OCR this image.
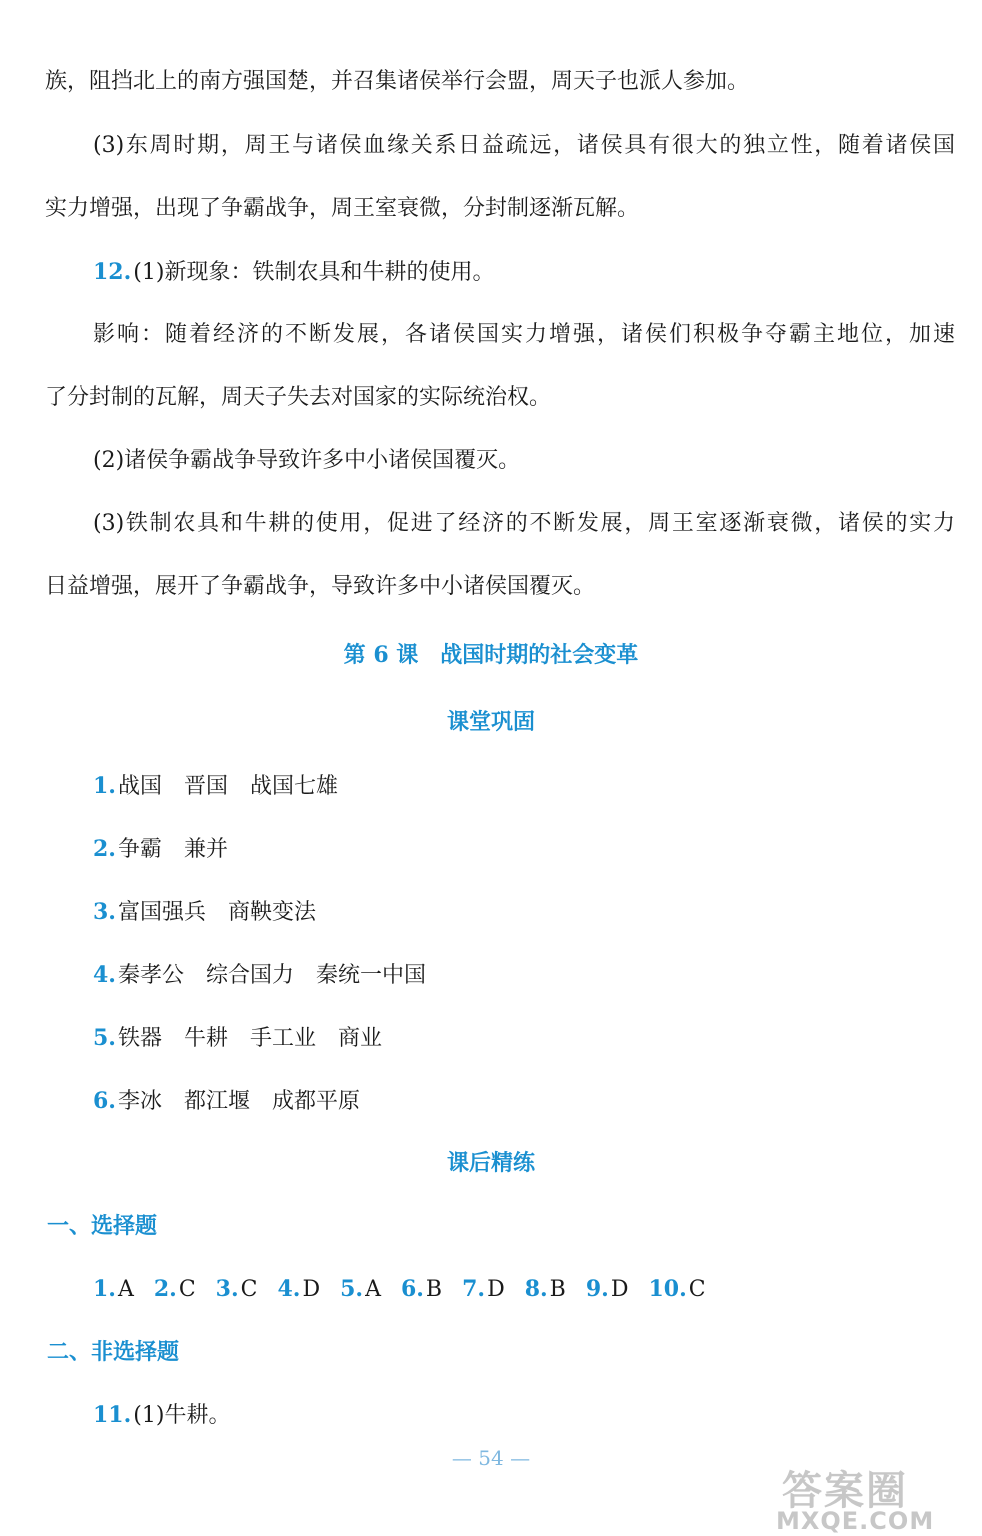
族，阻挡北上的南方强国楚，并召集诸侯举行会盟，周天子也派人参加。
(3)东周时期，周王与诸侯血缘关系日益疏远，诸侯具有很大的独立性，随着诸侯国
实力增强，出现了争霸战争，周王室衰微，分封制逐渐瓦解。
12.(1)新现象：铁制农具和牛耕的使用。
影响：随着经济的不断发展，各诸侯国实力增强，诸侯们积极争夺霸主地位，加速
了分封制的瓦解，周天子失去对国家的实际统治权。
(2)诸侯争霸战争导致许多中小诸侯国覆灭。
(3)铁制农具和牛耕的使用，促进了经济的不断发展，周王室逐渐衰微，诸侯的实力
日益增强，展开了争霸战争，导致许多中小诸侯国覆灭。
第 6 课　战国时期的社会变革
课堂巩固
1.战国 晋国 战国七雄
2.争霸 兼并
3.富国强兵 商鞅变法
4.秦孝公 综合国力 秦统一中国
5.铁器 牛耕 手工业 商业
6.李冰 都江堰 成都平原
课后精练
一、选择题
1.A 2.C 3.C 4.D 5.A 6.B 7.D 8.B 9.D 10.C
二、非选择题
11.(1)牛耕。
— 54 —
答案圈
MXQE.COM
